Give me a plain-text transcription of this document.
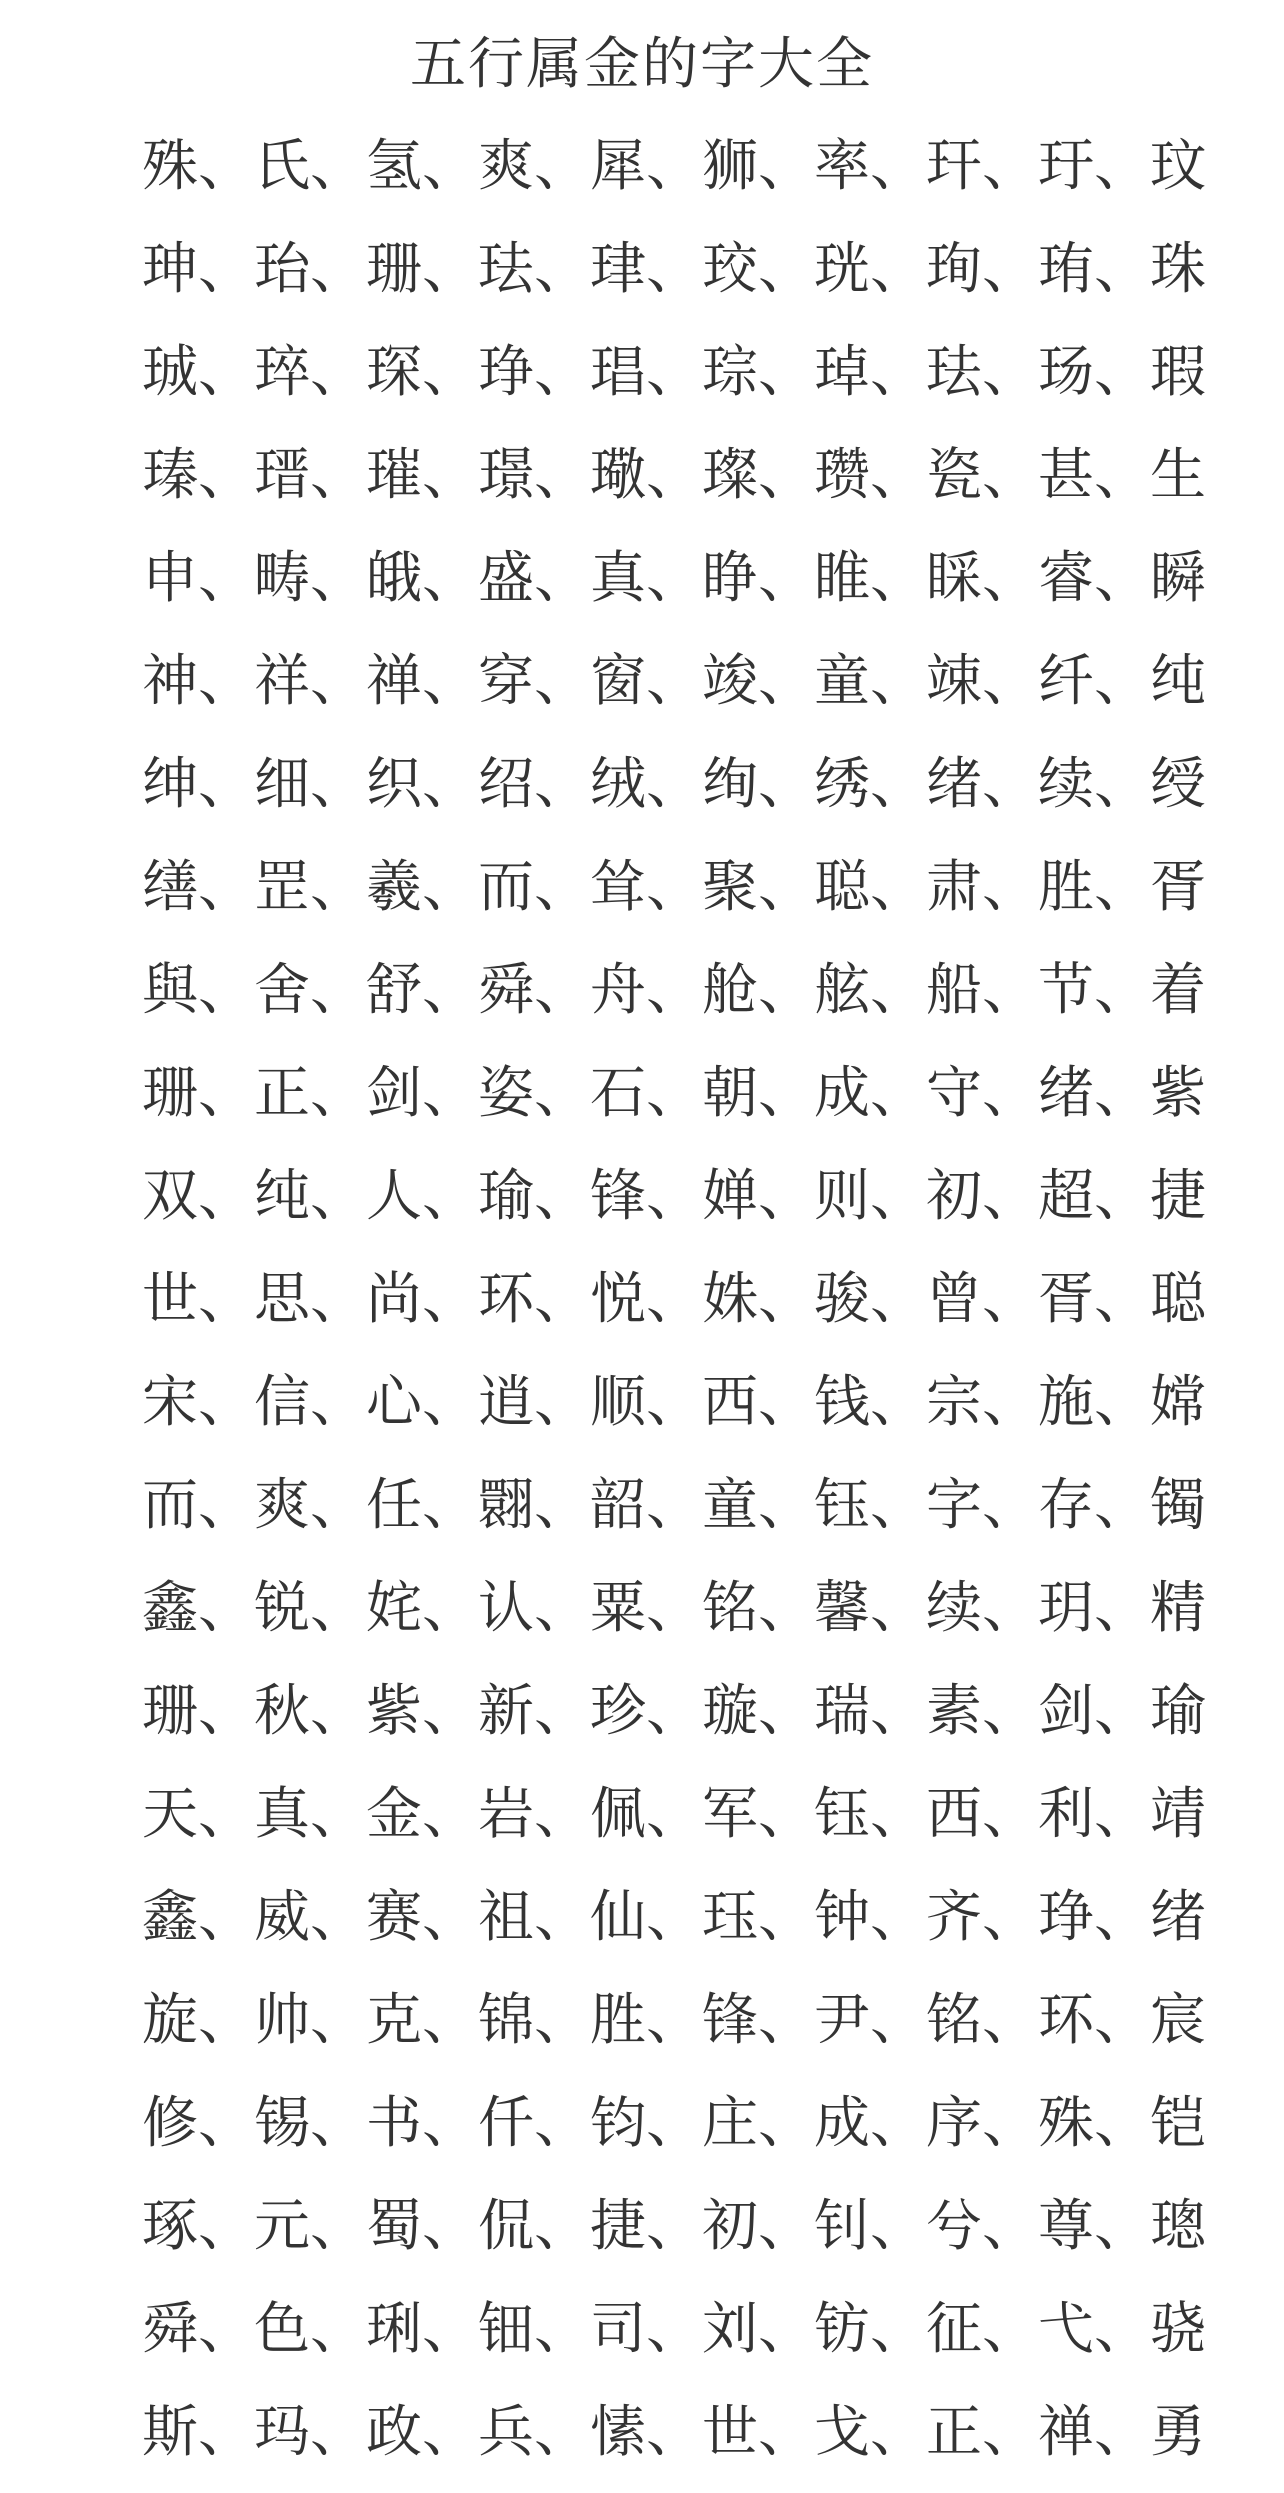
五行属金的字大全
殊、 氏、 氢、 爽、 犀、 狮、 率、 玕、 玗、 玟
珅、 珆、 珊、 珐、 珒、 珓、 珖、 珣、 珛、 珠
珹、 琗、 琛、 琤、 琩、 琮、 琸、 珐、 玚、 瑕
瑧、 瑨、 璀、 璟、 璥、 璨、 瓒、 瓷、 甚、 生
申、 畴、 皒、 盛、 真、 睁、 睢、 睬、 睿、 瞬
神、 祥、 禅、 穿、 窗、 竣、 童、 竦、 纤、 纯
绅、 细、 织、 绍、 绒、 绚、 绣、 绪、 续、 绶
缮、 罡、 羲、 而、 耸、 聚、 聪、 肃、 胜、 胥
與、 舍、 舒、 舜、 舟、 舱、 舷、 船、 节、 着
珊、 正、 剑、 姿、 石、 朝、 成、 守、 绪、 紫
双、 纯、 人、 瑜、 锋、 婵、 则、 初、 超、 捷
世、 思、 尚、 环、 悦、 姝、 骏、 曾、 胥、 聪
宋、 信、 心、 逍、 顺、 西、 钱、 宗、 施、 嫦
而、 爽、 任、 翾、 韶、 童、 钰、 字、 存、 镯
鑫、 锐、 姹、 认、 粟、 铭、 馨、 续、 玥、 精
珊、 秋、 紫、 新、 珍、 璇、 瑞、 素、 剑、 瑜
天、 真、 金、 岩、 佩、 军、 钰、 西、 利、 靖
鑫、 威、 赛、 祖、 仙、 珏、 钟、 齐、 琤、 绪
旋、 帅、 克、 锦、 胜、 锋、 尹、 铭、 环、 宸
修、 锡、 书、 仟、 钧、 庄、 成、 序、 殊、 铠
琢、 元、 蜀、 侃、 捷、 初、 钊、 兮、 尊、 璁
舜、 色、 琍、 钿、 司、 刘、 钫、 征、 弋、 骁
斯、 玛、 政、 兵、 愫、 世、 戈、 正、 禅、 勇
